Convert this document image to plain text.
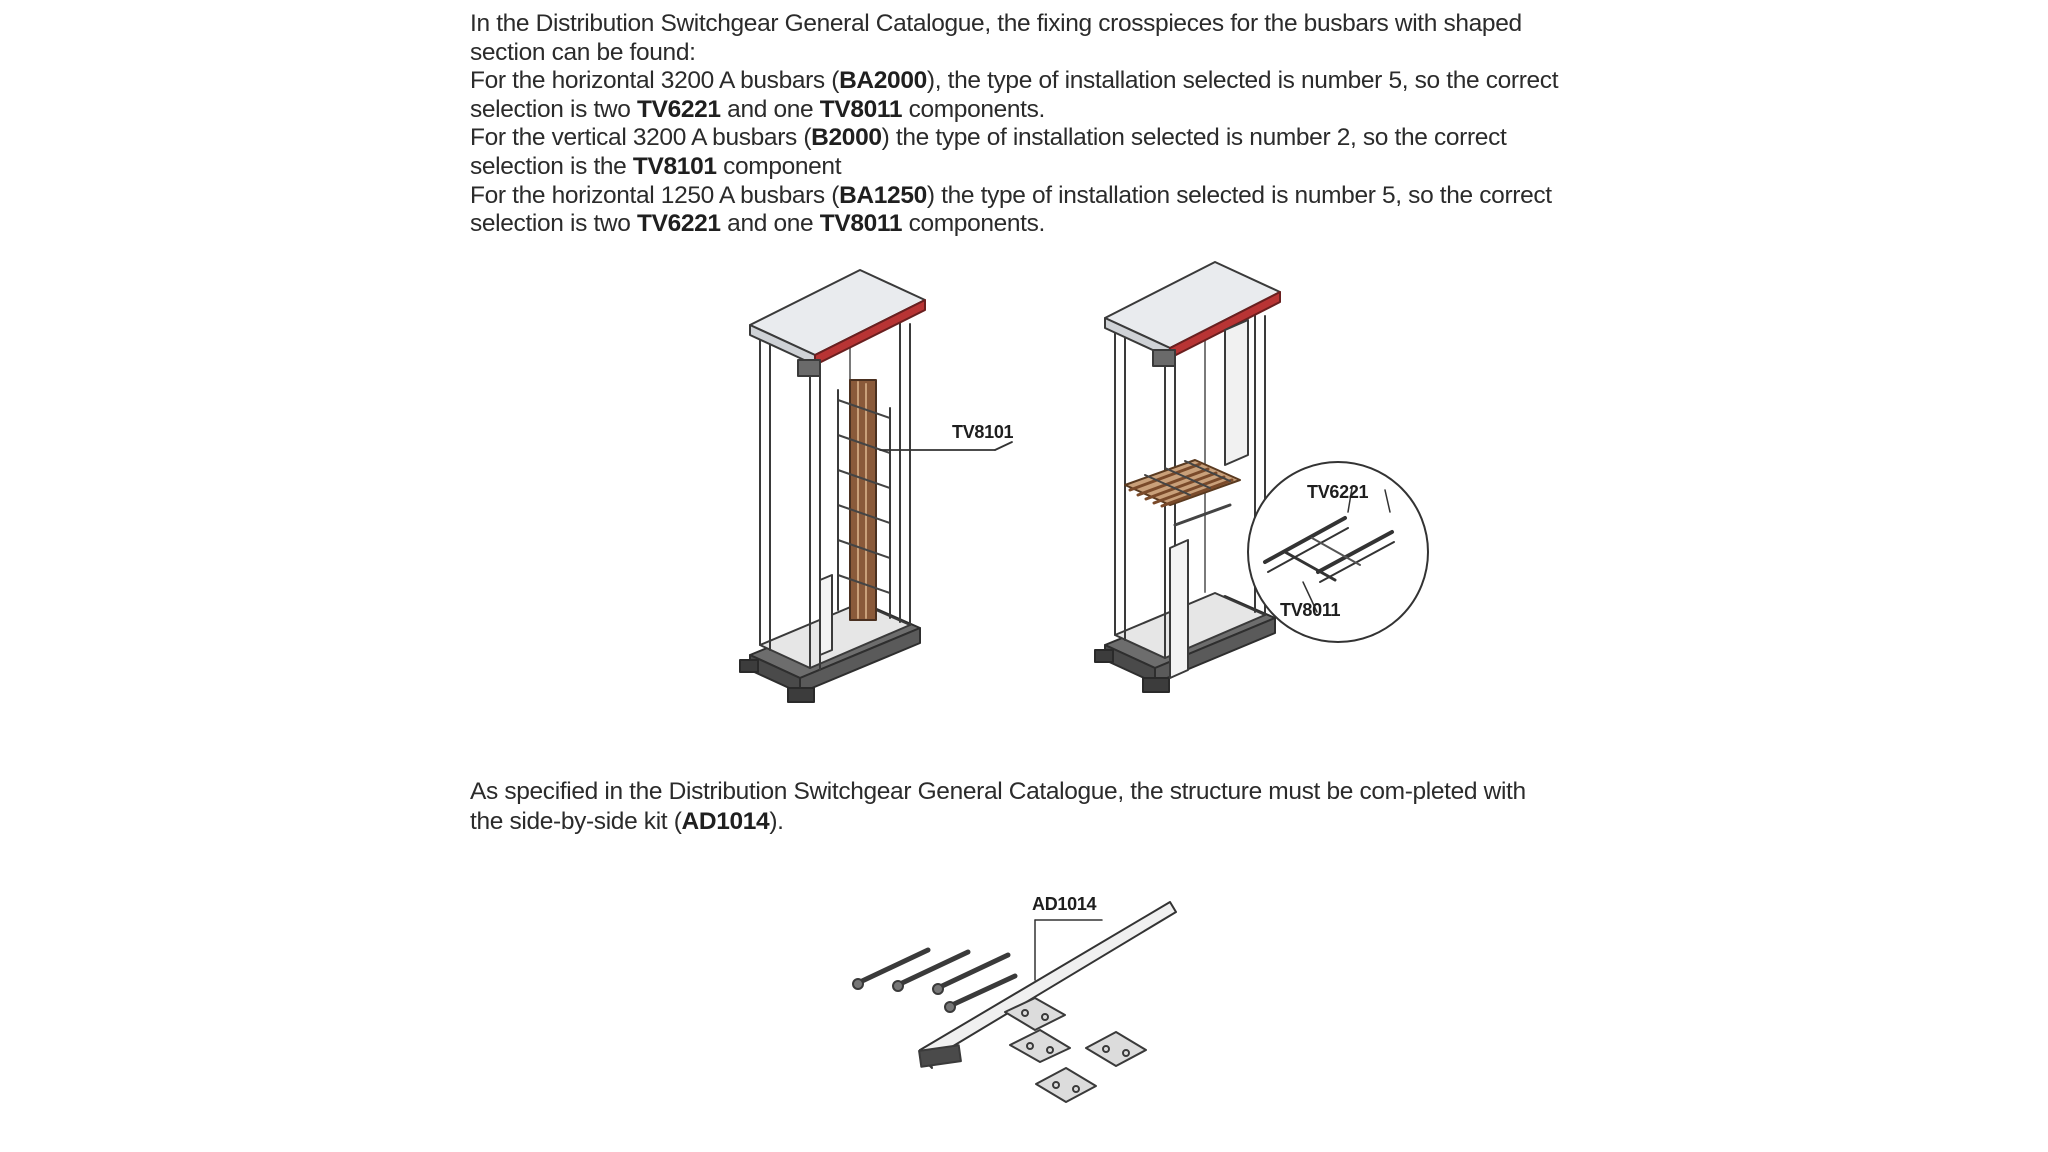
In the Distribution Switchgear General Catalogue, the fixing crosspieces for the busbars with shaped section can be found:

For the horizontal 3200 A busbars (BA2000), the type of installation selected is number 5, so the correct selection is two TV6221 and one TV8011 components.

For the vertical 3200 A busbars (B2000) the type of installation selected is number 2, so the correct selection is the TV8101 component

For the horizontal 1250 A busbars (BA1250) the type of installation selected is number 5, so the correct selection is two TV6221 and one TV8011 components.

TV8101
TV6221
TV8011

As specified in the Distribution Switchgear General Catalogue, the structure must be com-pleted with the side-by-side kit (AD1014).

AD1014
